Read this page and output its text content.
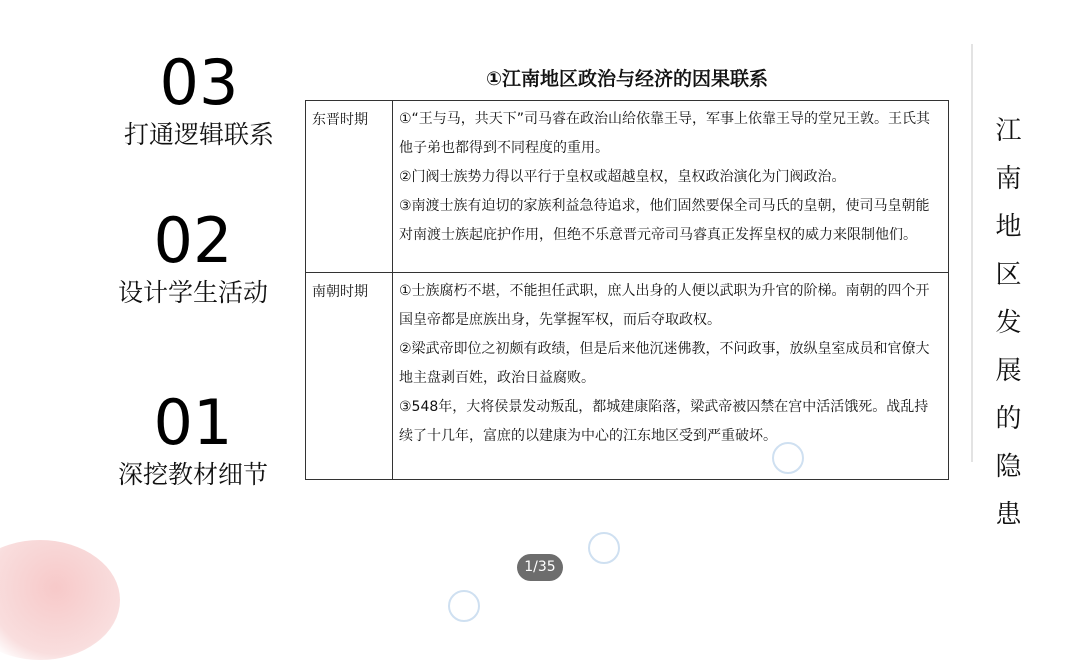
03
打通逻辑联系
02
设计学生活动
01
深挖教材细节
①江南地区政治与经济的因果联系
东晋时期	①“王与马，共天下”司马睿在政治山给依靠王导，军事上依靠王导的堂兄王敦。王氏其他子弟也都得到不同程度的重用。
②门阀士族势力得以平行于皇权或超越皇权，皇权政治演化为门阀政治。
③南渡士族有迫切的家族利益急待追求，他们固然要保全司马氏的皇朝，使司马皇朝能对南渡士族起庇护作用，但绝不乐意晋元帝司马睿真正发挥皇权的威力来限制他们。

南朝时期	①士族腐朽不堪，不能担任武职，庶人出身的人便以武职为升官的阶梯。南朝的四个开国皇帝都是庶族出身，先掌握军权，而后夺取政权。
②梁武帝即位之初颇有政绩，但是后来他沉迷佛教，不问政事，放纵皇室成员和官僚大地主盘剥百姓，政治日益腐败。
③548年，大将侯景发动叛乱，都城建康陷落，梁武帝被囚禁在宫中活活饿死。战乱持续了十几年，富庶的以建康为中心的江东地区受到严重破坏。	江南地区发展的隐患
1/35
